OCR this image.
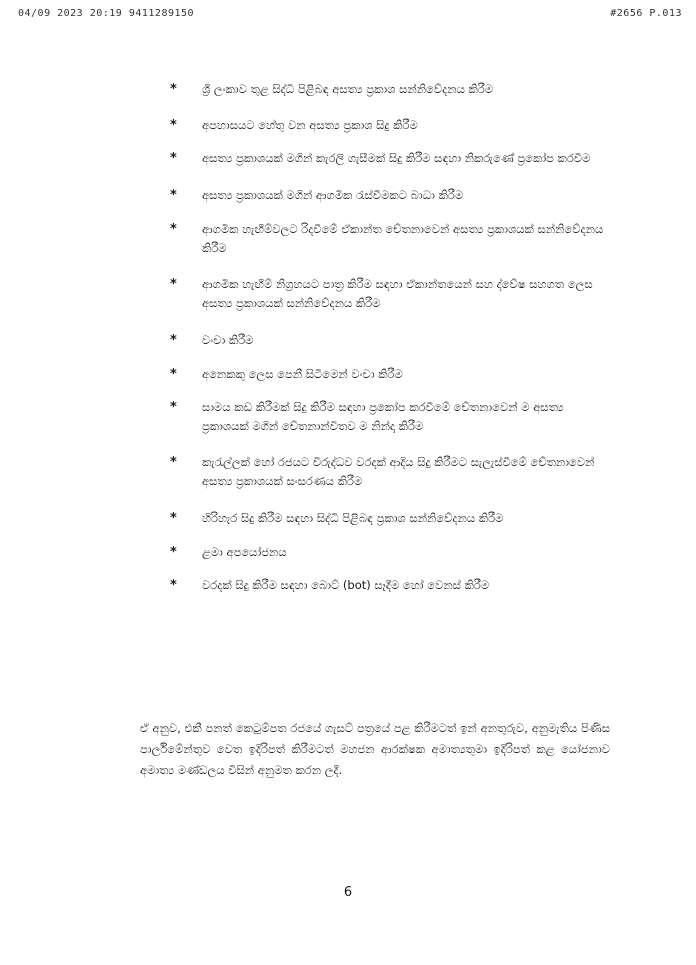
04/09 2023 20:19 9411289150	#2656 P.013
* ශ්‍රී ලංකාව තුළ සිද්ධි පිළිබඳ අසත්‍ය ප්‍රකාශ සන්නිවේදනය කිරීම
* අපහාසයට හේතු වන අසත්‍ය ප්‍රකාශ සිදු කිරීම
* අසත්‍ය ප්‍රකාශයක් මගින් කැරලි ගැසීමක් සිදු කිරීම සඳහා නිකරුණේ ප්‍රකෝප කරවීම
* අසත්‍ය ප්‍රකාශයක් මගින් ආගමික රැස්වීමකට බාධා කිරීම
* ආගමික හැඟීම්වලට රිදවීමේ ඒකාන්ත චේතනාවෙන් අසත්‍ය ප්‍රකාශයක් සන්නිවේදනය කිරීම
* ආගමික හැඟීම් නිග්‍රහයට පාත්‍ර කිරීම සඳහා ඒකාන්තයෙන් සහ ද්වේෂ සහගත ලෙස අසත්‍ය ප්‍රකාශයක් සන්නිවේදනය කිරීම
* වංචා කිරීම
* අනෙකකු ලෙස පෙනී සිටීමෙන් වංචා කිරීම
* සාමය කඩ කිරීමක් සිදු කිරීම සඳහා ප්‍රකෝප කරවීමේ චේතනාවෙන් ම අසත්‍ය ප්‍රකාශයක් මගින් චේතනාන්විතව ම නින්දා කිරීම
* කැරැල්ලක් හෝ රජයට විරුද්ධව වරදක් ආදිය සිදු කිරීමට සැලැස්වීමේ චේතනාවෙන් අසත්‍ය ප්‍රකාශයක් සංසරණය කිරීම
* හිරිහැර සිදු කිරීම සඳහා සිද්ධි පිළිබඳ ප්‍රකාශ සන්නිවේදනය කිරීම
* ළමා අපයෝජනය
* වරදක් සිදු කිරීම සඳහා බොට් (bot) සෑදීම හෝ වෙනස් කිරීම

ඒ අනුව, එකී පනත් කෙටුම්පත රජයේ ගැසට් පත්‍රයේ පළ කිරීමටත් ඉන් අනතුරුව, අනුමැතිය පිණිස පාර්ලිමේන්තුව වෙත ඉදිරිපත් කිරීමටත් මහජන ආරක්ෂක අමාත්‍යතුමා ඉදිරිපත් කළ යෝජනාව අමාත්‍ය මණ්ඩලය විසින් අනුමත කරන ලදී.

6
